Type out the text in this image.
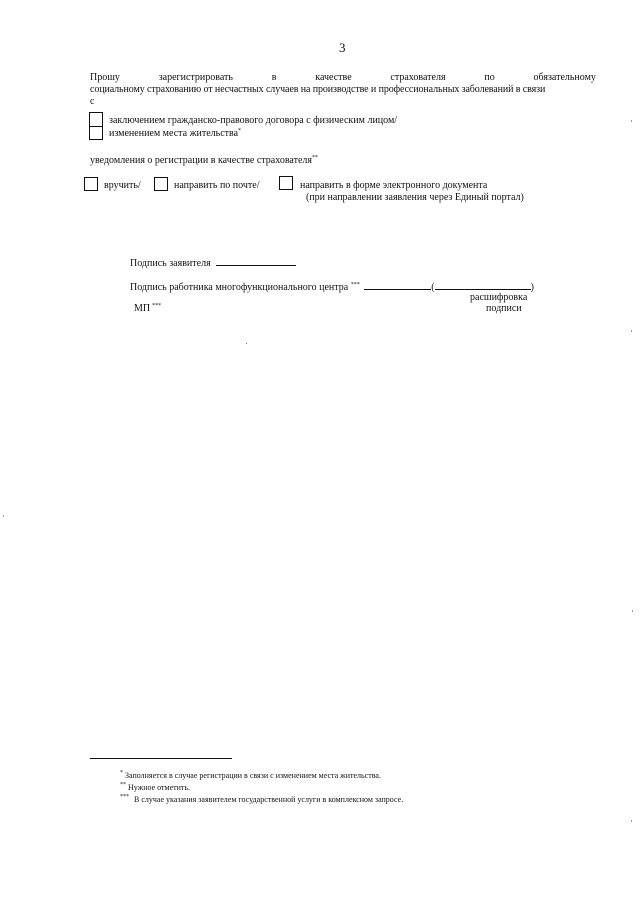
3
Прошу	зарегистрировать	в	качестве	страхователя	по	обязательному
социальному страхованию от несчастных случаев на производстве и профессиональных заболеваний в связи
с
заключением гражданско-правового договора с физическим лицом/
изменением места жительства*
уведомления о регистрации в качестве страхователя**
вручить/	направить по почте/	направить в форме электронного документа
(при направлении заявления через Единый портал)
Подпись заявителя
Подпись работника многофункционального центра ***	(	)
расшифровка
подписи
МП ***
* Заполняется в случае регистрации в связи с изменением места жительства.
** Нужное отметить.
*** В случае указания заявителем государственной услуги в комплексном запросе.
